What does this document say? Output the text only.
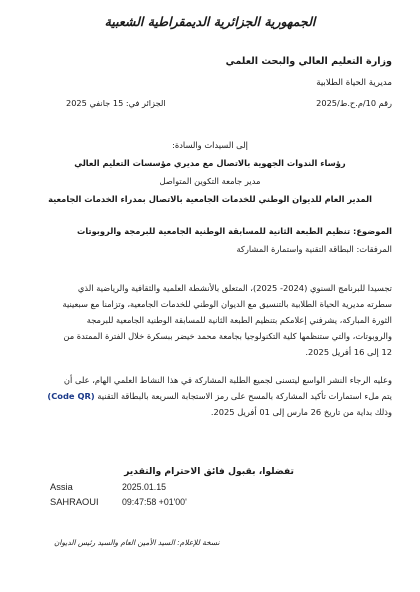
الجمهورية الجزائرية الديمقراطية الشعبية
وزارة التعليم العالي والبحث العلمي
مديرية الحياة الطلابية
رقم 10/م.ح.ط/2025
الجزائر في: 15 جانفي 2025
إلى السيدات والسادة:
رؤساء الندوات الجهوية بالاتصال مع مديري مؤسسات التعليم العالي
مدير جامعة التكوين المتواصل
المدير العام للديوان الوطني للخدمات الجامعية بالاتصال بمدراء الخدمات الجامعية
الموضوع: تنظيم الطبعة الثانية للمسابقة الوطنية الجامعية للبرمجة والروبوتات
المرفقات: البطاقة التقنية واستمارة المشاركة
تجسيدا للبرنامج السنوي (2024- 2025)، المتعلق بالأنشطة العلمية والثقافية والرياضية الذي
سطرته مديرية الحياة الطلابية بالتنسيق مع الديوان الوطني للخدمات الجامعية، وتزامنا مع سبعينية
الثورة المباركة، يشرفني إعلامكم بتنظيم الطبعة الثانية للمسابقة الوطنية الجامعية للبرمجة
والروبوتات، والتي ستنظمها كلية التكنولوجيا بجامعة محمد خيضر ببسكرة خلال الفترة الممتدة من
12 إلى 16 أفريل 2025.
وعليه الرجاء النشر الواسع ليتسنى لجميع الطلبة المشاركة في هذا النشاط العلمي الهام، على أن
يتم ملء استمارات تأكيد المشاركة بالمسح على رمز الاستجابة السريعة بالبطاقة التقنية (Code QR)
وذلك بداية من تاريخ 26 مارس إلى 01 أفريل 2025.
تفضلوا، بقبول فائق الاحترام والتقدير
Assia
SAHRAOUI
2025.01.15
09:47:58 +01'00'
نسخة للإعلام: السيد الأمين العام والسيد رئيس الديوان
